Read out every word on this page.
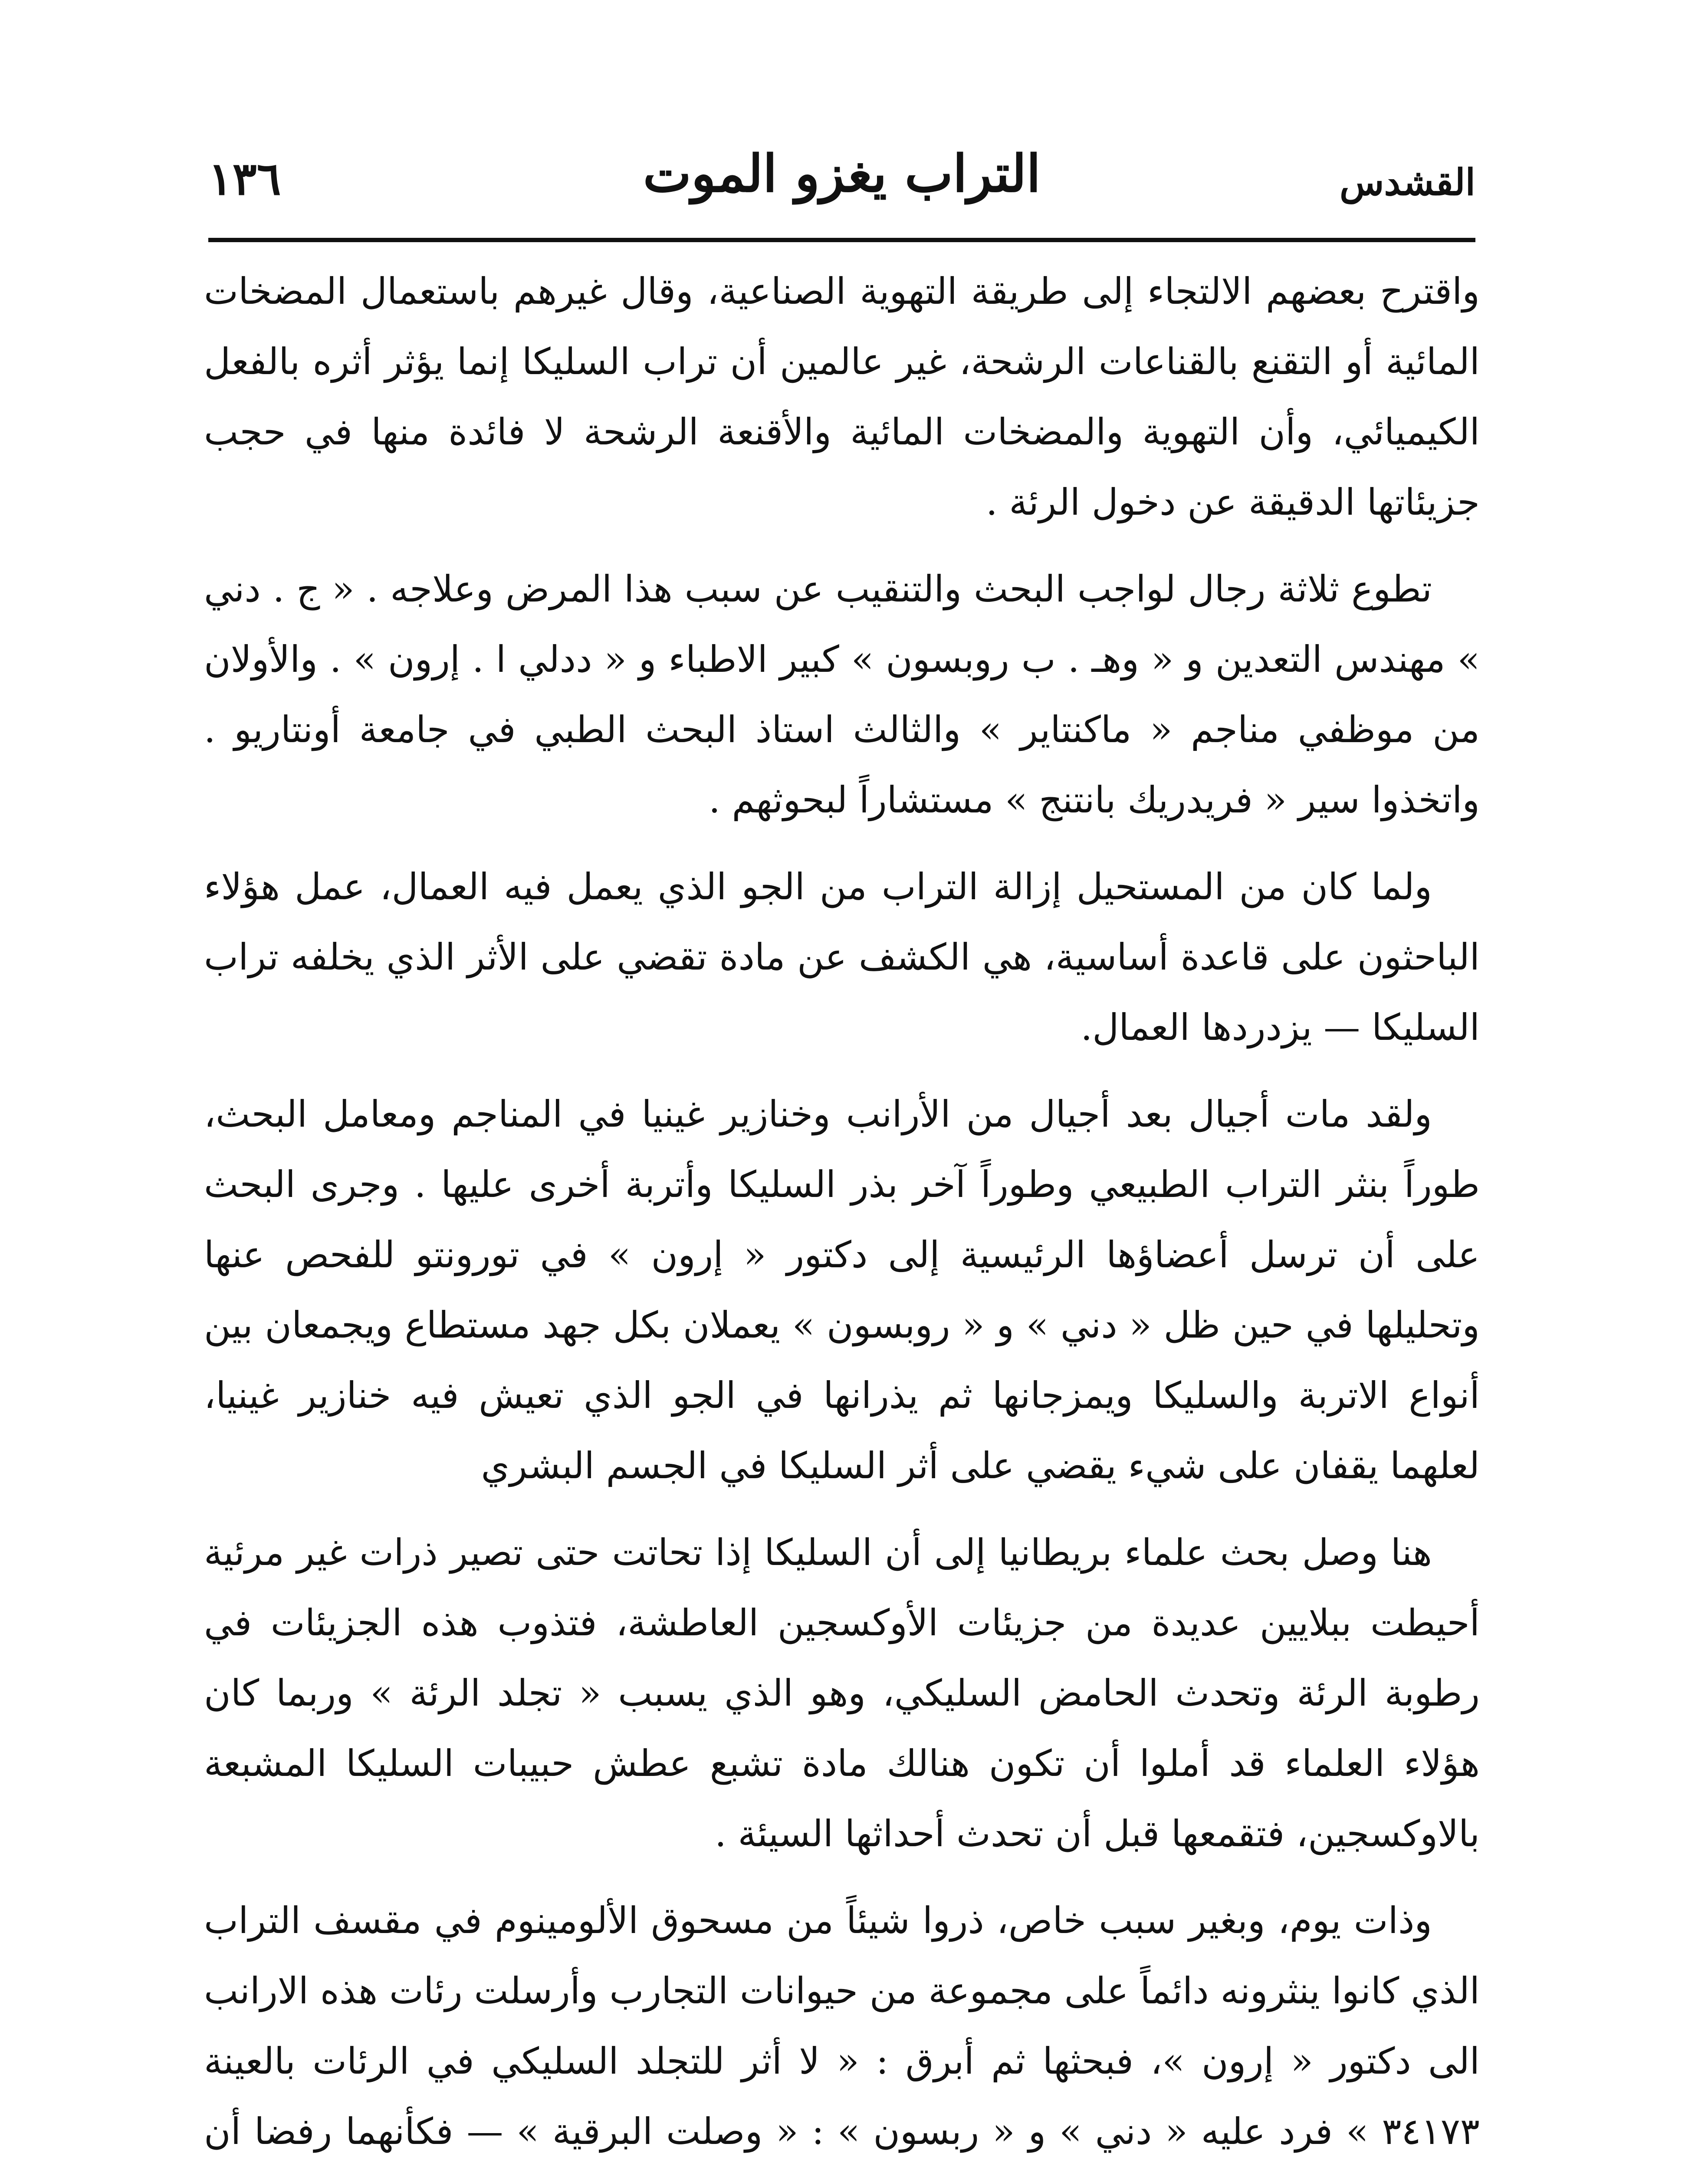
١٣٦	التراب يغزو الموت	القشدس

واقترح بعضهم الالتجاء إلى طريقة التهوية الصناعية، وقال غيرهم باستعمال المضخات المائية أو التقنع بالقناعات الرشحة، غير عالمين أن تراب السليكا إنما يؤثر أثره بالفعل الكيميائي، وأن التهوية والمضخات المائية والأقنعة الرشحة لا فائدة منها في حجب جزيئاتها الدقيقة عن دخول الرئة .

تطوع ثلاثة رجال لواجب البحث والتنقيب عن سبب هذا المرض وعلاجه . « ج . دني » مهندس التعدين و « وهـ . ب روبسون » كبير الاطباء و « ددلي ا . إرون » . والأولان من موظفي مناجم « ماكنتاير » والثالث استاذ البحث الطبي في جامعة أونتاريو . واتخذوا سير « فريدريك بانتنج » مستشاراً لبحوثهم .

ولما كان من المستحيل إزالة التراب من الجو الذي يعمل فيه العمال، عمل هؤلاء الباحثون على قاعدة أساسية، هي الكشف عن مادة تقضي على الأثر الذي يخلفه تراب السليكا — يزدردها العمال.

ولقد مات أجيال بعد أجيال من الأرانب وخنازير غينيا في المناجم ومعامل البحث، طوراً بنثر التراب الطبيعي وطوراً آخر بذر السليكا وأتربة أخرى عليها . وجرى البحث على أن ترسل أعضاؤها الرئيسية إلى دكتور « إرون » في تورونتو للفحص عنها وتحليلها في حين ظل « دني » و « روبسون » يعملان بكل جهد مستطاع ويجمعان بين أنواع الاتربة والسليكا ويمزجانها ثم يذرانها في الجو الذي تعيش فيه خنازير غينيا، لعلهما يقفان على شيء يقضي على أثر السليكا في الجسم البشري

هنا وصل بحث علماء بريطانيا إلى أن السليكا إذا تحاتت حتى تصير ذرات غير مرئية أحيطت ببلايين عديدة من جزيئات الأوكسجين العاطشة، فتذوب هذه الجزيئات في رطوبة الرئة وتحدث الحامض السليكي، وهو الذي يسبب « تجلد الرئة » وربما كان هؤلاء العلماء قد أملوا أن تكون هنالك مادة تشبع عطش حبيبات السليكا المشبعة بالاوكسجين، فتقمعها قبل أن تحدث أحداثها السيئة .

وذات يوم، وبغير سبب خاص، ذروا شيئاً من مسحوق الألومينوم في مقسف التراب الذي كانوا ينثرونه دائماً على مجموعة من حيوانات التجارب وأرسلت رئات هذه الارانب الى دكتور « إرون »، فبحثها ثم أبرق : « لا أثر للتجلد السليكي في الرئات بالعينة ٣٤١٧٣ » فرد عليه « دني » و « ربسون » : « وصلت البرقية » — فكأنهما رفضا أن
